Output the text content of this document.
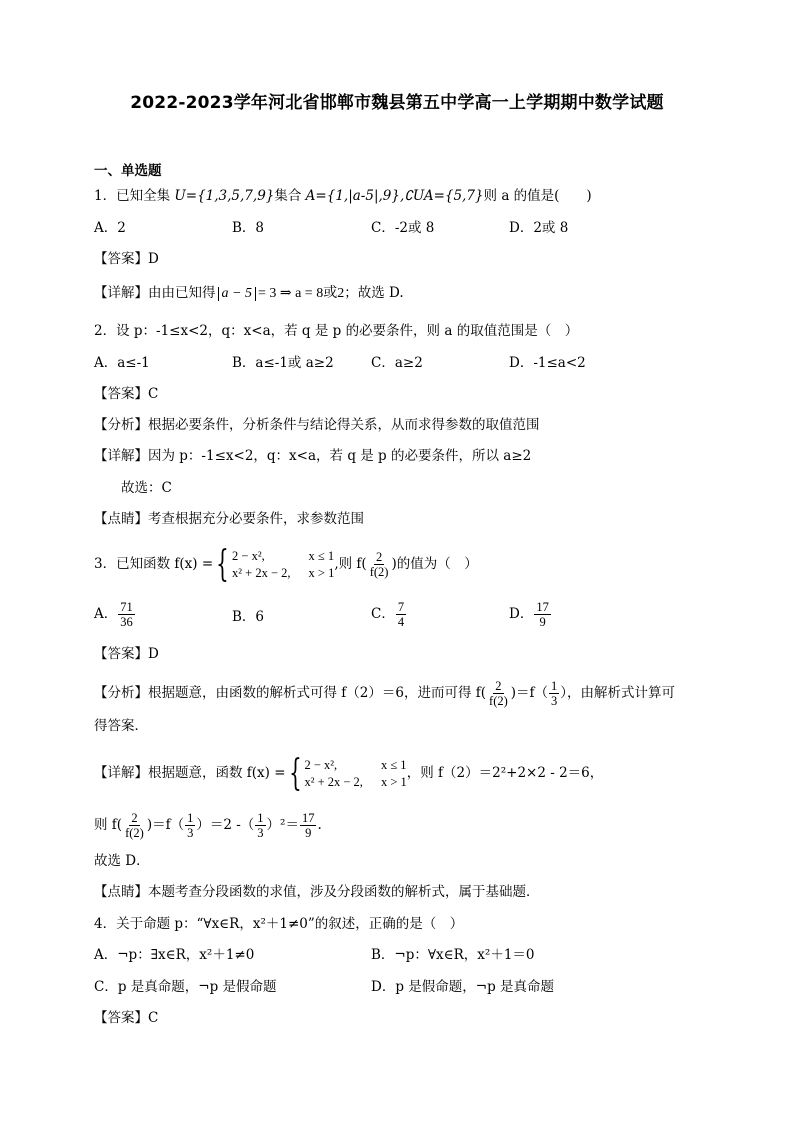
2022-2023学年河北省邯郸市魏县第五中学高一上学期期中数学试题
一、单选题
1．已知全集 U={1,3,5,7,9}集合 A={1,|a-5|,9},∁UA={5,7}则 a 的值是(　　)
A．2	B．8	C．-2或 8	D．2或 8
【答案】D
【详解】由由已知得 a − 5 = 3 ⇒ a = 8或2；故选 D.
2．设 p：-1≤x<2，q：x<a，若 q 是 p 的必要条件，则 a 的取值范围是（　）
A．a≤-1	B．a≤-1或 a≥2	C．a≥2	D．-1≤a<2
【答案】C
【分析】根据必要条件，分析条件与结论得关系，从而求得参数的取值范围
【详解】因为 p：-1≤x<2，q：x<a，若 q 是 p 的必要条件，所以 a≥2
故选：C
【点睛】考查根据充分必要条件，求参数范围
3．已知函数 f(x) = { 2 − x²,	x ≤ 1
x² + 2x − 2, x > 1
,则 $f( \frac{2}{f(2)}$ )的值为（　）
A． $\frac{71}{36}$	B．6	C． $\frac{7}{4}$	D． $\frac{17}{9}$
【答案】D
【分析】根据题意，由函数的解析式可得 f（2）＝6，进而可得 $f( \frac{2}{f(2)} )=f( \frac{1}{3}$ ），由解析式计算可
得答案．
【详解】根据题意，函数 f(x) = { 2 − x²,	x ≤ 1
x² + 2x − 2, x > 1
，则 f（2）＝2²+2×2 - 2＝6，
则 $f( \frac{2}{f(2)} )=f( \frac{1}{3} )=2$ -（ $\frac{1}{3} )^2= \frac{17}{9}$ .
故选 D．
【点睛】本题考查分段函数的求值，涉及分段函数的解析式，属于基础题．
4．关于命题 p：“∀x∈R，x²＋1≠0”的叙述，正确的是（　）
A．¬p：∃x∈R，x²＋1≠0	B．¬p：∀x∈R，x²＋1＝0
C．p 是真命题，¬p 是假命题	D．p 是假命题，¬p 是真命题
【答案】C
